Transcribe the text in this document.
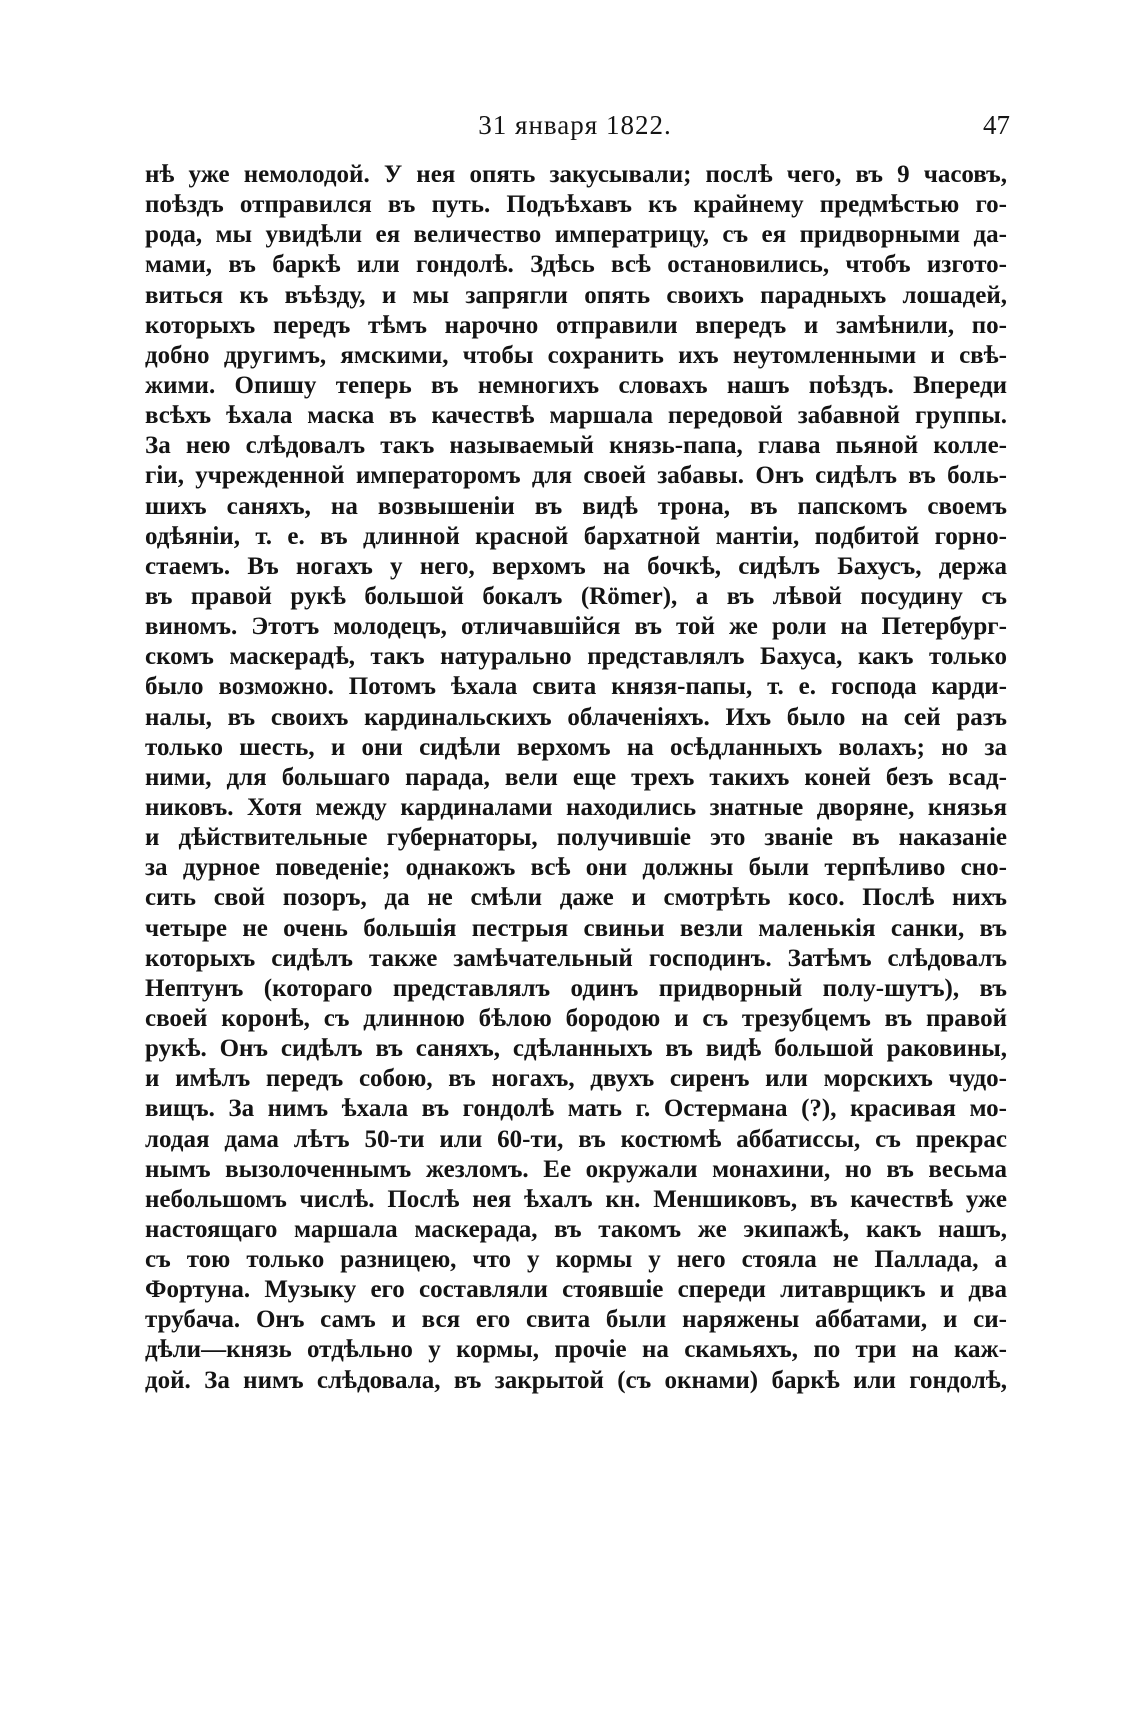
31 января 1822.	47
нѣ уже немолодой. У нея опять закусывали; послѣ чего, въ 9 часовъ,
поѣздъ отправился въ путь. Подъѣхавъ къ крайнему предмѣстью го-
рода, мы увидѣли ея величество императрицу, съ ея придворными да-
мами, въ баркѣ или гондолѣ. Здѣсь всѣ остановились, чтобъ изгото-
виться къ въѣзду, и мы запрягли опять своихъ парадныхъ лошадей,
которыхъ передъ тѣмъ нарочно отправили впередъ и замѣнили, по-
добно другимъ, ямскими, чтобы сохранить ихъ неутомленными и свѣ-
жими. Опишу теперь въ немногихъ словахъ нашъ поѣздъ. Впереди
всѣхъ ѣхала маска въ качествѣ маршала передовой забавной группы.
За нею слѣдовалъ такъ называемый князь-папа, глава пьяной колле-
гіи, учрежденной императоромъ для своей забавы. Онъ сидѣлъ въ боль-
шихъ саняхъ, на возвышеніи въ видѣ трона, въ папскомъ своемъ
одѣяніи, т. е. въ длинной красной бархатной мантіи, подбитой горно-
стаемъ. Въ ногахъ у него, верхомъ на бочкѣ, сидѣлъ Бахусъ, держа
въ правой рукѣ большой бокалъ (Römer), а въ лѣвой посудину съ
виномъ. Этотъ молодецъ, отличавшійся въ той же роли на Петербург-
скомъ маскерадѣ, такъ натурально представлялъ Бахуса, какъ только
было возможно. Потомъ ѣхала свита князя-папы, т. е. господа карди-
налы, въ своихъ кардинальскихъ облаченіяхъ. Ихъ было на сей разъ
только шесть, и они сидѣли верхомъ на осѣдланныхъ волахъ; но за
ними, для большаго парада, вели еще трехъ такихъ коней безъ всад-
никовъ. Хотя между кардиналами находились знатные дворяне, князья
и дѣйствительные губернаторы, получившіе это званіе въ наказаніе
за дурное поведеніе; однакожъ всѣ они должны были терпѣливо сно-
сить свой позоръ, да не смѣли даже и смотрѣть косо. Послѣ нихъ
четыре не очень большія пестрыя свиньи везли маленькія санки, въ
которыхъ сидѣлъ также замѣчательный господинъ. Затѣмъ слѣдовалъ
Нептунъ (котораго представлялъ одинъ придворный полу-шутъ), въ
своей коронѣ, съ длинною бѣлою бородою и съ трезубцемъ въ правой
рукѣ. Онъ сидѣлъ въ саняхъ, сдѣланныхъ въ видѣ большой раковины,
и имѣлъ передъ собою, въ ногахъ, двухъ сиренъ или морскихъ чудо-
вищъ. За нимъ ѣхала въ гондолѣ мать г. Остермана (?), красивая мо-
лодая дама лѣтъ 50-ти или 60-ти, въ костюмѣ аббатиссы, съ прекрас
нымъ вызолоченнымъ жезломъ. Ее окружали монахини, но въ весьма
небольшомъ числѣ. Послѣ нея ѣхалъ кн. Меншиковъ, въ качествѣ уже
настоящаго маршала маскерада, въ такомъ же экипажѣ, какъ нашъ,
съ тою только разницею, что у кормы у него стояла не Паллада, а
Фортуна. Музыку его составляли стоявшіе спереди литаврщикъ и два
трубача. Онъ самъ и вся его свита были наряжены аббатами, и си-
дѣли—князь отдѣльно у кормы, прочіе на скамьяхъ, по три на каж-
дой. За нимъ слѣдовала, въ закрытой (съ окнами) баркѣ или гондолѣ,
